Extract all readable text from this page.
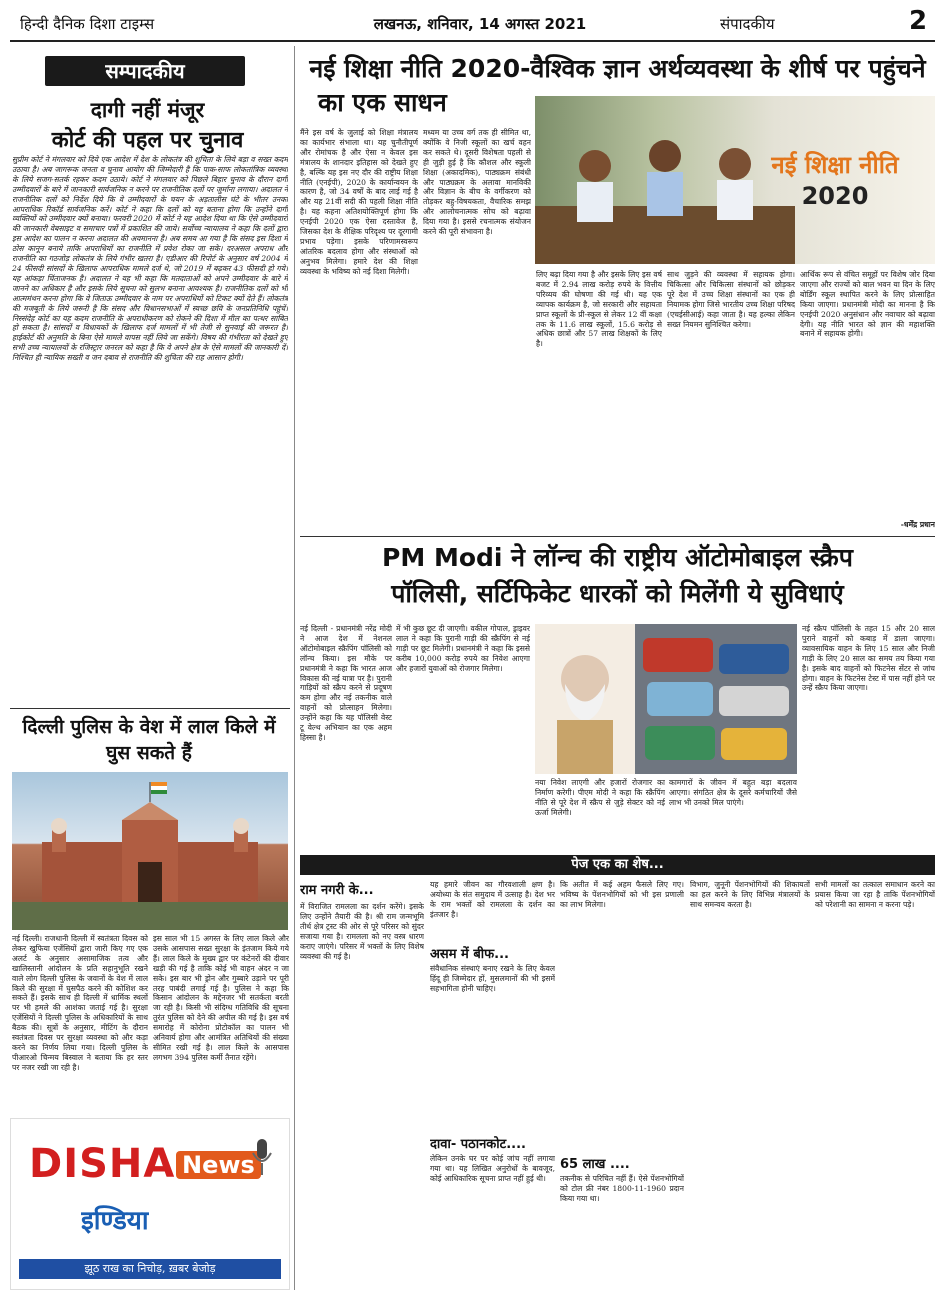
हिन्दी दैनिक दिशा टाइम्स	लखनऊ, शनिवार, 14 अगस्त 2021	संपादकीय	2
सम्पादकीय
दागी नहीं मंजूर
कोर्ट की पहल पर चुनाव
सुप्रीम कोर्ट ने मंगलवार को दिये एक आदेश में देश के लोकतंत्र की शुचिता के लिये बड़ा व सख्त कदम उठाया है। अब जागरूक जनता व चुनाव आयोग की जिम्मेदारी है कि पाक-साफ लोकतांत्रिक व्यवस्था के लिये सजग-सतर्क रहकर कदम उठाये। कोर्ट ने मंगलवार को पिछले बिहार चुनाव के दौरान दागी उम्मीदवारों के बारे में जानकारी सार्वजनिक न करने पर राजनीतिक दलों पर जुर्माना लगाया। अदालत ने राजनीतिक दलों को निर्देश दिये कि वे उम्मीदवारों के चयन के अड़तालीस घंटे के भीतर उनका आपराधिक रिकॉर्ड सार्वजनिक करें। कोर्ट ने कहा कि दलों को यह बताना होगा कि उन्होंने दागी व्यक्तियों को उम्मीदवार क्यों बनाया। फरवरी 2020 में कोर्ट ने यह आदेश दिया था कि ऐसे उम्मीदवारों की जानकारी वेबसाइट व समाचार पत्रों में प्रकाशित की जाये। सर्वोच्च न्यायालय ने कहा कि दलों द्वारा इस आदेश का पालन न करना अदालत की अवमानना है। अब समय आ गया है कि संसद इस दिशा में ठोस कानून बनाये ताकि अपराधियों का राजनीति में प्रवेश रोका जा सके। दरअसल अपराध और राजनीति का गठजोड़ लोकतंत्र के लिये गंभीर खतरा है। एडीआर की रिपोर्ट के अनुसार वर्ष 2004 में 24 फीसदी सांसदों के खिलाफ आपराधिक मामले दर्ज थे, जो 2019 में बढ़कर 43 फीसदी हो गये। यह आंकड़ा चिंताजनक है। अदालत ने यह भी कहा कि मतदाताओं को अपने उम्मीदवार के बारे में जानने का अधिकार है और इसके लिये सूचना को सुलभ बनाना आवश्यक है। राजनीतिक दलों को भी आत्ममंथन करना होगा कि वे जिताऊ उम्मीदवार के नाम पर अपराधियों को टिकट क्यों देते हैं। लोकतंत्र की मजबूती के लिये जरूरी है कि संसद और विधानसभाओं में स्वच्छ छवि के जनप्रतिनिधि पहुंचें। निस्संदेह कोर्ट का यह कदम राजनीति के अपराधीकरण को रोकने की दिशा में मील का पत्थर साबित हो सकता है। सांसदों व विधायकों के खिलाफ दर्ज मामलों में भी तेजी से सुनवाई की जरूरत है। हाईकोर्ट की अनुमति के बिना ऐसे मामले वापस नहीं लिये जा सकेंगे। विषय की गंभीरता को देखते हुए सभी उच्च न्यायालयों के रजिस्ट्रार जनरल को कहा है कि वे अपने क्षेत्र के ऐसे मामलों की जानकारी दें। निश्चित ही न्यायिक सख्ती व जन दबाव से राजनीति की शुचिता की राह आसान होगी।
दिल्ली पुलिस के वेश में लाल किले में घुस सकते हैं
नई दिल्ली। राजधानी दिल्ली में स्वतंत्रता दिवस को लेकर खुफिया एजेंसियों द्वारा जारी किए गए एक अलर्ट के अनुसार असामाजिक तत्व और खालिस्तानी आंदोलन के प्रति सहानुभूति रखने वाले लोग दिल्ली पुलिस के जवानों के वेश में लाल किले की सुरक्षा में घुसपैठ करने की कोशिश कर सकते हैं। इसके साथ ही दिल्ली में धार्मिक स्थलों पर भी हमले की आशंका जताई गई है। सुरक्षा एजेंसियों ने दिल्ली पुलिस के अधिकारियों के साथ बैठक की। सूत्रों के अनुसार, मीटिंग के दौरान स्वतंत्रता दिवस पर सुरक्षा व्यवस्था को और कड़ा करने का निर्णय लिया गया। दिल्ली पुलिस के पीआरओ चिन्मय बिस्वाल ने बताया कि हर स्तर पर नजर रखी जा रही है।
इस साल भी 15 अगस्त के लिए लाल किले और उसके आसपास सख्त सुरक्षा के इंतजाम किये गये हैं। लाल किले के मुख्य द्वार पर कंटेनरों की दीवार खड़ी की गई है ताकि कोई भी वाहन अंदर न जा सके। इस बार भी ड्रोन और गुब्बारे उड़ाने पर पूरी तरह पाबंदी लगाई गई है। पुलिस ने कहा कि किसान आंदोलन के मद्देनजर भी सतर्कता बरती जा रही है। किसी भी संदिग्ध गतिविधि की सूचना तुरंत पुलिस को देने की अपील की गई है। इस वर्ष समारोह में कोरोना प्रोटोकॉल का पालन भी अनिवार्य होगा और आमंत्रित अतिथियों की संख्या सीमित रखी गई है। लाल किले के आसपास लगभग 394 पुलिस कर्मी तैनात रहेंगे।
DISHA News
इण्डिया
झूठ राख का निचोड़, ख़बर बेजोड़
नई शिक्षा नीति 2020-वैश्विक ज्ञान अर्थव्यवस्था के शीर्ष पर पहुंचने
का एक साधन
नई शिक्षा नीति
2020
मैंने इस वर्ष के जुलाई को शिक्षा मंत्रालय का कार्यभार संभाला था। यह चुनौतीपूर्ण और रोमांचक है और ऐसा न केवल इस मंत्रालय के शानदार इतिहास को देखते हुए है, बल्कि यह इस नए दौर की राष्ट्रीय शिक्षा नीति (एनईपी), 2020 के कार्यान्वयन के कारण है, जो 34 वर्षों के बाद लाई गई है और यह 21वीं सदी की पहली शिक्षा नीति है। यह कहना अतिशयोक्तिपूर्ण होगा कि एनईपी 2020 एक ऐसा दस्तावेज है, जिसका देश के शैक्षिक परिदृश्य पर दूरगामी प्रभाव पड़ेगा। इसके परिणामस्वरूप आंतरिक बदलाव होगा और संस्थाओं को अनुभव मिलेगा। हमारे देश की शिक्षा व्यवस्था के भविष्य को नई दिशा मिलेगी।
मध्यम या उच्च वर्ग तक ही सीमित था, क्योंकि वे निजी स्कूलों का खर्च वहन कर सकते थे। दूसरी विशेषता पहली से ही जुड़ी हुई है कि कौशल और स्कूली शिक्षा (अकादमिक), पाठ्यक्रम संबंधी और पाठ्यक्रम के अलावा मानविकी और विज्ञान के बीच के वर्गीकरण को तोड़कर बहु-विषयकता, वैचारिक समझ और आलोचनात्मक सोच को बढ़ावा दिया गया है। इससे रचनात्मक संयोजन करने की पूरी संभावना है।
लिए बढ़ा दिया गया है और इसके लिए इस वर्ष बजट में 2.94 लाख करोड़ रुपये के वित्तीय परिव्यय की घोषणा की गई थी। यह एक व्यापक कार्यक्रम है, जो सरकारी और सहायता प्राप्त स्कूलों के प्री-स्कूल से लेकर 12 वीं कक्षा तक के 11.6 लाख स्कूलों, 15.6 करोड़ से अधिक छात्रों और 57 लाख शिक्षकों के लिए है।
साथ जुड़ने की व्यवस्था में सहायक होगा। चिकित्सा और चिकित्सा संस्थानों को छोड़कर पूरे देश में उच्च शिक्षा संस्थानों का एक ही नियामक होगा जिसे भारतीय उच्च शिक्षा परिषद (एचईसीआई) कहा जाता है। यह हल्का लेकिन सख्त नियमन सुनिश्चित करेगा।
आर्थिक रूप से वंचित समूहों पर विशेष जोर दिया जाएगा और राज्यों को बाल भवन या दिन के लिए बोर्डिंग स्कूल स्थापित करने के लिए प्रोत्साहित किया जाएगा। प्रधानमंत्री मोदी का मानना है कि एनईपी 2020 अनुसंधान और नवाचार को बढ़ावा देगी। यह नीति भारत को ज्ञान की महाशक्ति बनाने में सहायक होगी।
-धर्मेंद्र प्रधान
PM Modi ने लॉन्च की राष्ट्रीय ऑटोमोबाइल स्क्रैप
पॉलिसी, सर्टिफिकेट धारकों को मिलेंगी ये सुविधाएं
नई दिल्ली - प्रधानमंत्री नरेंद्र मोदी ने आज देश में नेशनल ऑटोमोबाइल स्क्रैपिंग पॉलिसी को लॉन्च किया। इस मौके पर प्रधानमंत्री ने कहा कि भारत आज विकास की नई यात्रा पर है। पुरानी गाड़ियों को स्क्रैप करने से प्रदूषण कम होगा और नई तकनीक वाले वाहनों को प्रोत्साहन मिलेगा। उन्होंने कहा कि यह पॉलिसी वेस्ट टू वेल्थ अभियान का एक अहम हिस्सा है।
में भी कुछ छूट दी जाएगी। वकील गोपाल, ड्राइवर लाल ने कहा कि पुरानी गाड़ी की स्क्रैपिंग से नई गाड़ी पर छूट मिलेगी। प्रधानमंत्री ने कहा कि इससे करीब 10,000 करोड़ रुपये का निवेश आएगा और हजारों युवाओं को रोजगार मिलेगा।
नया निवेश लाएगी और हजारों रोजगार का निर्माण करेगी। पीएम मोदी ने कहा कि स्क्रैपिंग नीति से पूरे देश में स्क्रैप से जुड़े सेक्टर को नई ऊर्जा मिलेगी।
कामगारों के जीवन में बहुत बड़ा बदलाव आएगा। संगठित क्षेत्र के दूसरे कर्मचारियों जैसे लाभ भी उनको मिल पाएंगे।
नई स्क्रैप पॉलिसी के तहत 15 और 20 साल पुराने वाहनों को कबाड़ में डाला जाएगा। व्यावसायिक वाहन के लिए 15 साल और निजी गाड़ी के लिए 20 साल का समय तय किया गया है। इसके बाद वाहनों को फिटनेस सेंटर से जांच होगा। वाहन के फिटनेस टेस्ट में पास नहीं होने पर उन्हें स्क्रैप किया जाएगा।
पेज एक का शेष...
राम नगरी के...
में विराजित रामलला का दर्शन करेंगे। इसके लिए उन्होंने तैयारी की है। श्री राम जन्मभूमि तीर्थ क्षेत्र ट्रस्ट की ओर से पूरे परिसर को सुंदर सजाया गया है। रामलला को नए वस्त्र धारण कराए जाएंगे। परिसर में भक्तों के लिए विशेष व्यवस्था की गई है।
यह हमारे जीवन का गौरवशाली क्षण है। अयोध्या के संत समुदाय में उत्साह है। देश भर के राम भक्तों को रामलला के दर्शन का इंतजार है।
असम में बीफ...
संवैधानिक संस्थाएं बनाए रखने के लिए केवल हिंदू ही जिम्मेदार हों, मुसलमानों की भी इसमें सहभागिता होनी चाहिए।
दावा- पठानकोट....
लेकिन उनके घर पर कोई जांच नहीं लगाया गया था। यह लिखित अनुरोधों के बावजूद, कोई आधिकारिक सूचना प्राप्त नहीं हुई थी।
कि अतीत में कई अहम फैसले लिए गए। भविष्य के पेंशनभोगियों को भी इस प्रणाली का लाभ मिलेगा।
65 लाख ....
तकनीक से परिचित नहीं हैं। ऐसे पेंशनभोगियों को टोल फ्री नंबर 1800-11-1960 प्रदान किया गया था।
विभाग, जुनूनी पेंशनभोगियों की शिकायतों का हल करने के लिए विभिन्न मंत्रालयों के साथ समन्वय करता है।
सभी मामलों का तत्काल समाधान करने का प्रयास किया जा रहा है ताकि पेंशनभोगियों को परेशानी का सामना न करना पड़े।
